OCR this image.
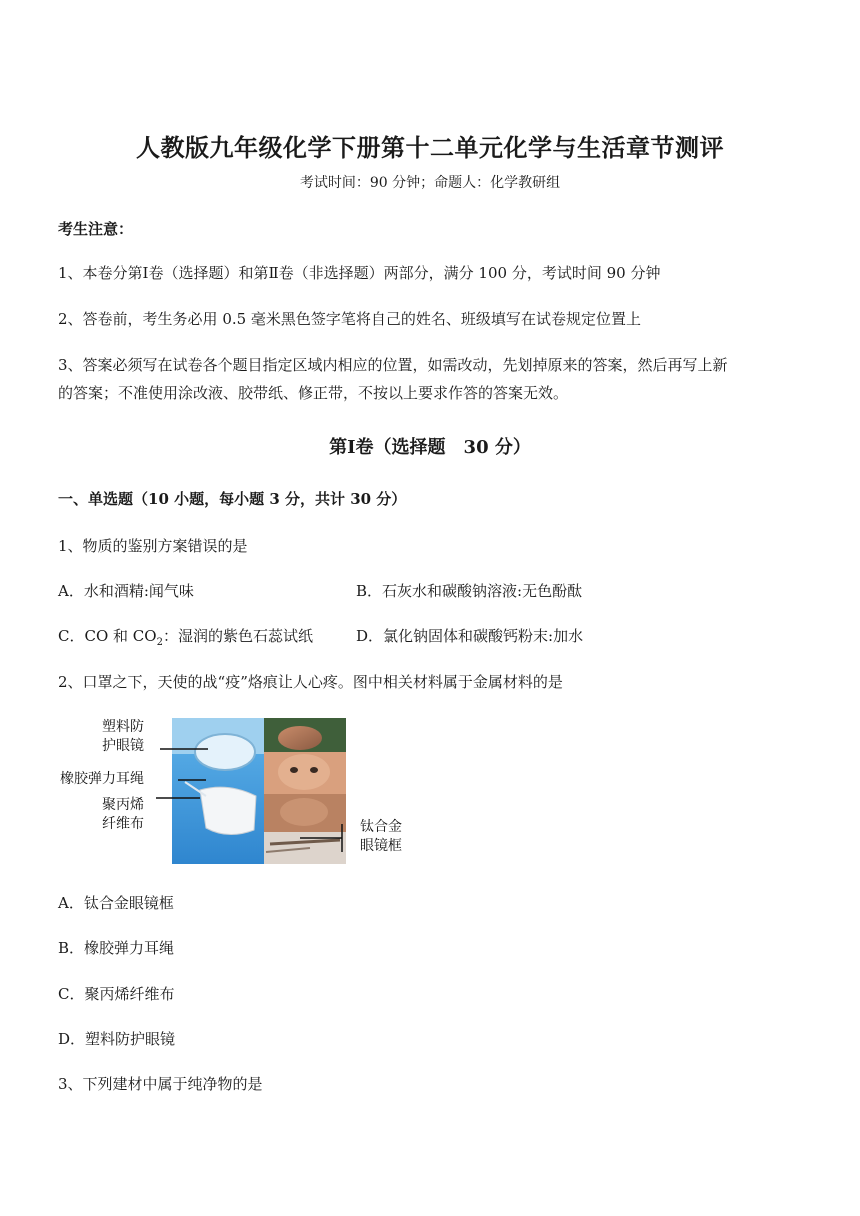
人教版九年级化学下册第十二单元化学与生活章节测评
考试时间：90 分钟；命题人：化学教研组
考生注意：
1、本卷分第Ⅰ卷（选择题）和第Ⅱ卷（非选择题）两部分，满分 100 分，考试时间 90 分钟
2、答卷前，考生务必用 0.5 毫米黑色签字笔将自己的姓名、班级填写在试卷规定位置上
3、答案必须写在试卷各个题目指定区域内相应的位置，如需改动，先划掉原来的答案，然后再写上新
的答案；不准使用涂改液、胶带纸、修正带，不按以上要求作答的答案无效。
第Ⅰ卷（选择题　30 分）
一、单选题（10 小题，每小题 3 分，共计 30 分）
1、物质的鉴别方案错误的是
A．水和酒精:闻气味	B．石灰水和碳酸钠溶液:无色酚酞
C．CO 和 $CO_2$：湿润的紫色石蕊试纸	D．氯化钠固体和碳酸钙粉末:加水
2、口罩之下，天使的战“疫”烙痕让人心疼。图中相关材料属于金属材料的是
塑料防
护眼镜
橡胶弹力耳绳
聚丙烯
纤维布	钛合金
眼镜框
A．钛合金眼镜框
B．橡胶弹力耳绳
C．聚丙烯纤维布
D．塑料防护眼镜
3、下列建材中属于纯净物的是
